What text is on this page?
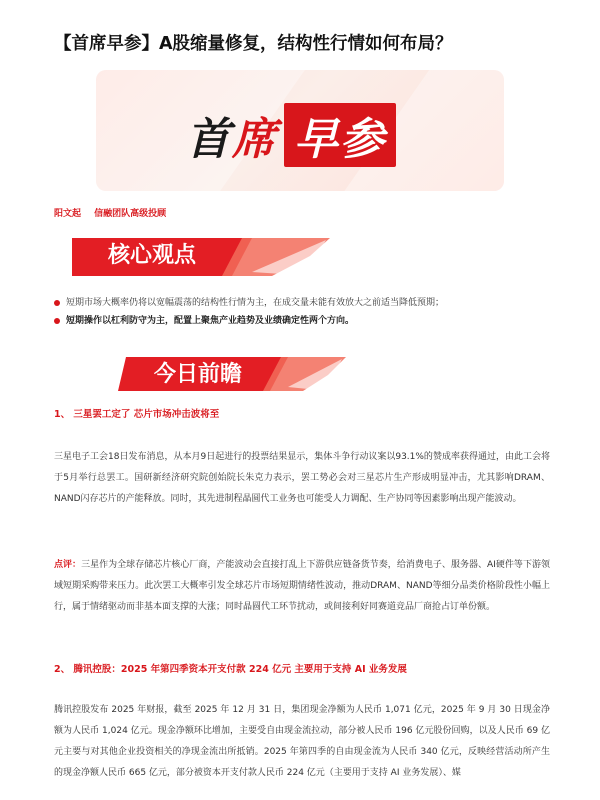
【首席早参】A股缩量修复，结构性行情如何布局？
首 席 早参
阳文起 信融团队高级投顾
核心观点
短期市场大概率仍将以宽幅震荡的结构性行情为主，在成交量未能有效放大之前适当降低预期；
短期操作以杠利防守为主，配置上聚焦产业趋势及业绩确定性两个方向。
今日前瞻
1、 三星罢工定了 芯片市场冲击波将至
三星电子工会18日发布消息，从本月9日起进行的投票结果显示，集体斗争行动议案以93.1%的赞成率获得通过，由此工会将于5月举行总罢工。国研新经济研究院创始院长朱克力表示，罢工势必会对三星芯片生产形成明显冲击，尤其影响DRAM、NAND闪存芯片的产能释放。同时，其先进制程晶圆代工业务也可能受人力调配、生产协同等因素影响出现产能波动。
点评：三星作为全球存储芯片核心厂商，产能波动会直接打乱上下游供应链备货节奏，给消费电子、服务器、AI硬件等下游领域短期采购带来压力。此次罢工大概率引发全球芯片市场短期情绪性波动，推动DRAM、NAND等细分品类价格阶段性小幅上行，属于情绪驱动而非基本面支撑的大涨；同时晶圆代工环节扰动，或间接利好同赛道竞品厂商抢占订单份额。
2、 腾讯控股：2025 年第四季资本开支付款 224 亿元 主要用于支持 AI 业务发展
腾讯控股发布 2025 年财报，截至 2025 年 12 月 31 日，集团现金净额为人民币 1,071 亿元，2025 年 9 月 30 日现金净额为人民币 1,024 亿元。现金净额环比增加，主要受自由现金流拉动，部分被人民币 196 亿元股份回购，以及人民币 69 亿元主要与对其他企业投资相关的净现金流出所抵销。2025 年第四季的自由现金流为人民币 340 亿元，反映经营活动所产生的现金净额人民币 665 亿元，部分被资本开支付款人民币 224 亿元（主要用于支持 AI 业务发展）、媒
